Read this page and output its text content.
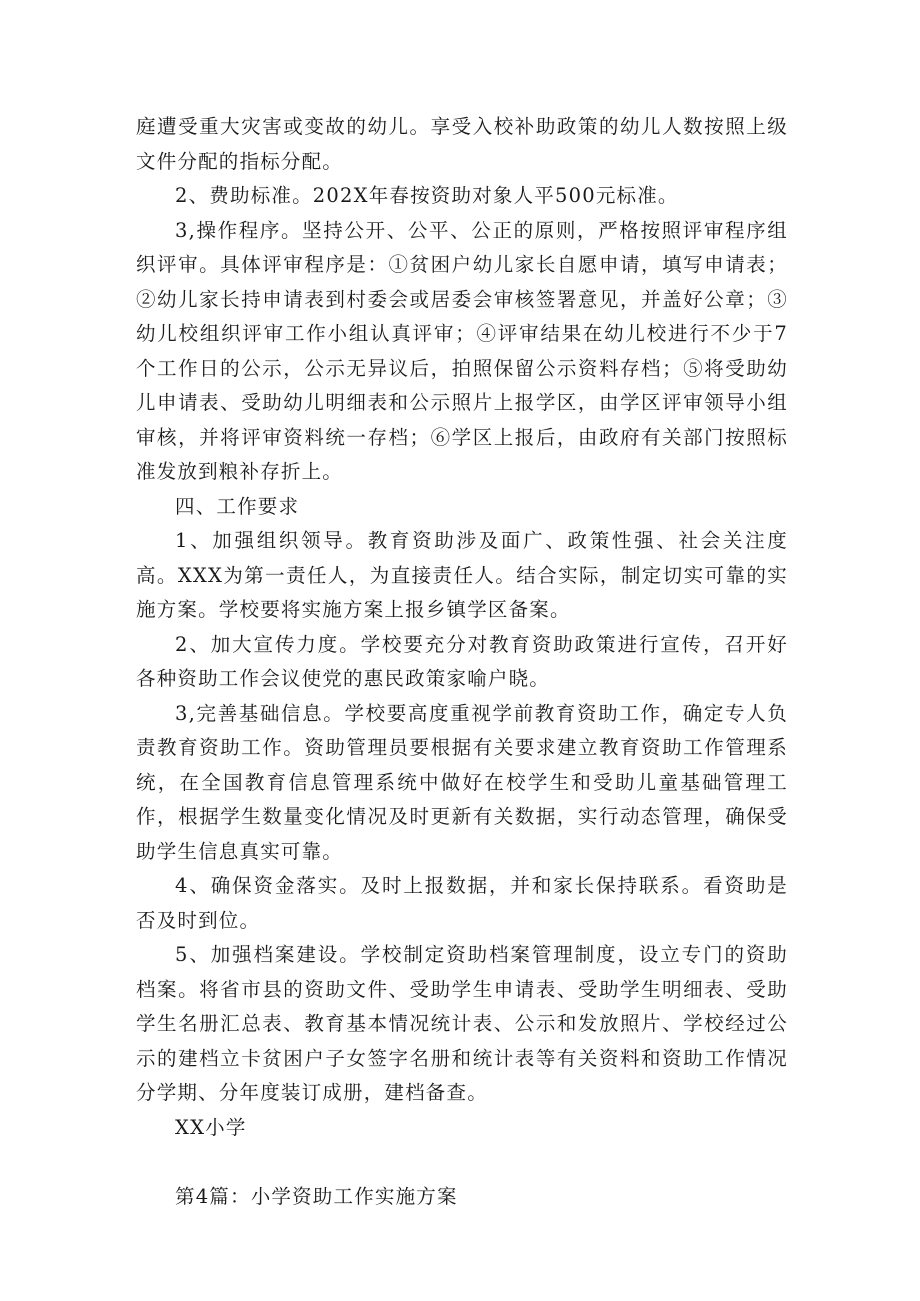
庭遭受重大灾害或变故的幼儿。享受入校补助政策的幼儿人数按照上级文件分配的指标分配。

2、费助标准。202X年春按资助对象人平500元标准。

3,操作程序。坚持公开、公平、公正的原则，严格按照评审程序组织评审。具体评审程序是：①贫困户幼儿家长自愿申请，填写申请表；②幼儿家长持申请表到村委会或居委会审核签署意见，并盖好公章；③幼儿校组织评审工作小组认真评审；④评审结果在幼儿校进行不少于7个工作日的公示，公示无异议后，拍照保留公示资料存档；⑤将受助幼儿申请表、受助幼儿明细表和公示照片上报学区，由学区评审领导小组审核，并将评审资料统一存档；⑥学区上报后，由政府有关部门按照标准发放到粮补存折上。

四、工作要求

1、加强组织领导。教育资助涉及面广、政策性强、社会关注度高。XXX为第一责任人，为直接责任人。结合实际，制定切实可靠的实施方案。学校要将实施方案上报乡镇学区备案。

2、加大宣传力度。学校要充分对教育资助政策进行宣传，召开好各种资助工作会议使党的惠民政策家喻户晓。

3,完善基础信息。学校要高度重视学前教育资助工作，确定专人负责教育资助工作。资助管理员要根据有关要求建立教育资助工作管理系统，在全国教育信息管理系统中做好在校学生和受助儿童基础管理工作，根据学生数量变化情况及时更新有关数据，实行动态管理，确保受助学生信息真实可靠。

4、确保资金落实。及时上报数据，并和家长保持联系。看资助是否及时到位。

5、加强档案建设。学校制定资助档案管理制度，设立专门的资助档案。将省市县的资助文件、受助学生申请表、受助学生明细表、受助学生名册汇总表、教育基本情况统计表、公示和发放照片、学校经过公示的建档立卡贫困户子女签字名册和统计表等有关资料和资助工作情况分学期、分年度装订成册，建档备查。

XX小学

第4篇：小学资助工作实施方案
